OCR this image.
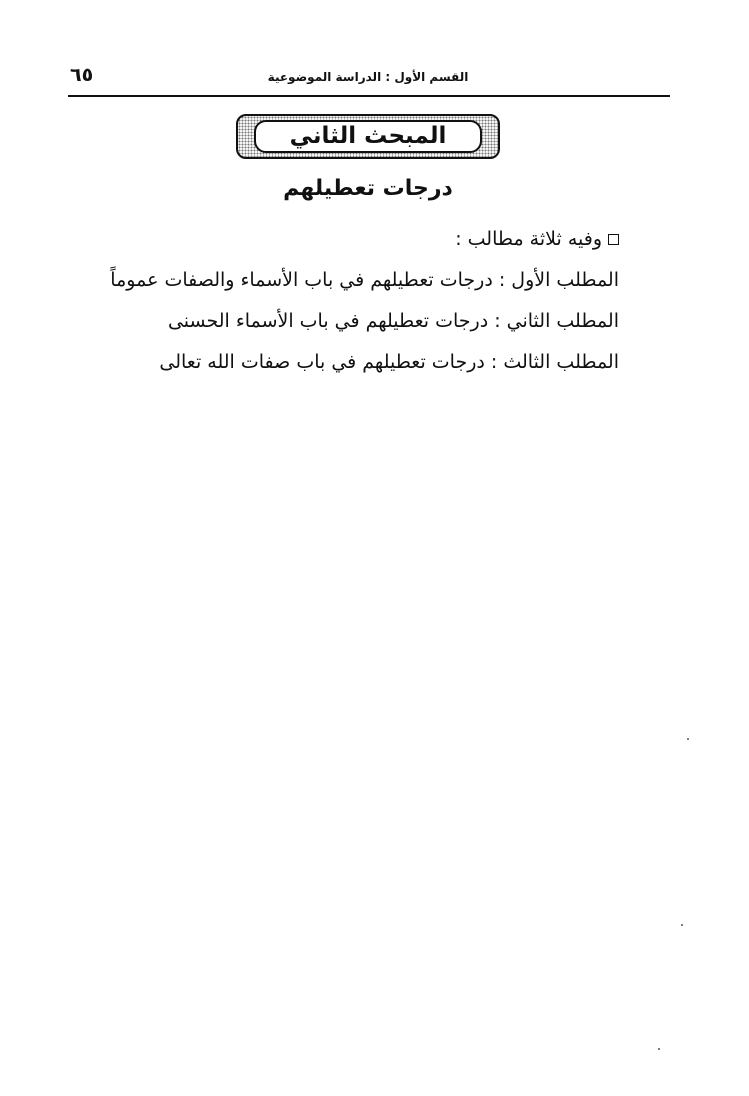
٦٥	القسم الأول : الدراسة الموضوعية
المبحث الثاني
درجات تعطيلهم
وفيه ثلاثة مطالب :
المطلب الأول : درجات تعطيلهم في باب الأسماء والصفات عموماً
المطلب الثاني : درجات تعطيلهم في باب الأسماء الحسنى
المطلب الثالث : درجات تعطيلهم في باب صفات الله تعالى
